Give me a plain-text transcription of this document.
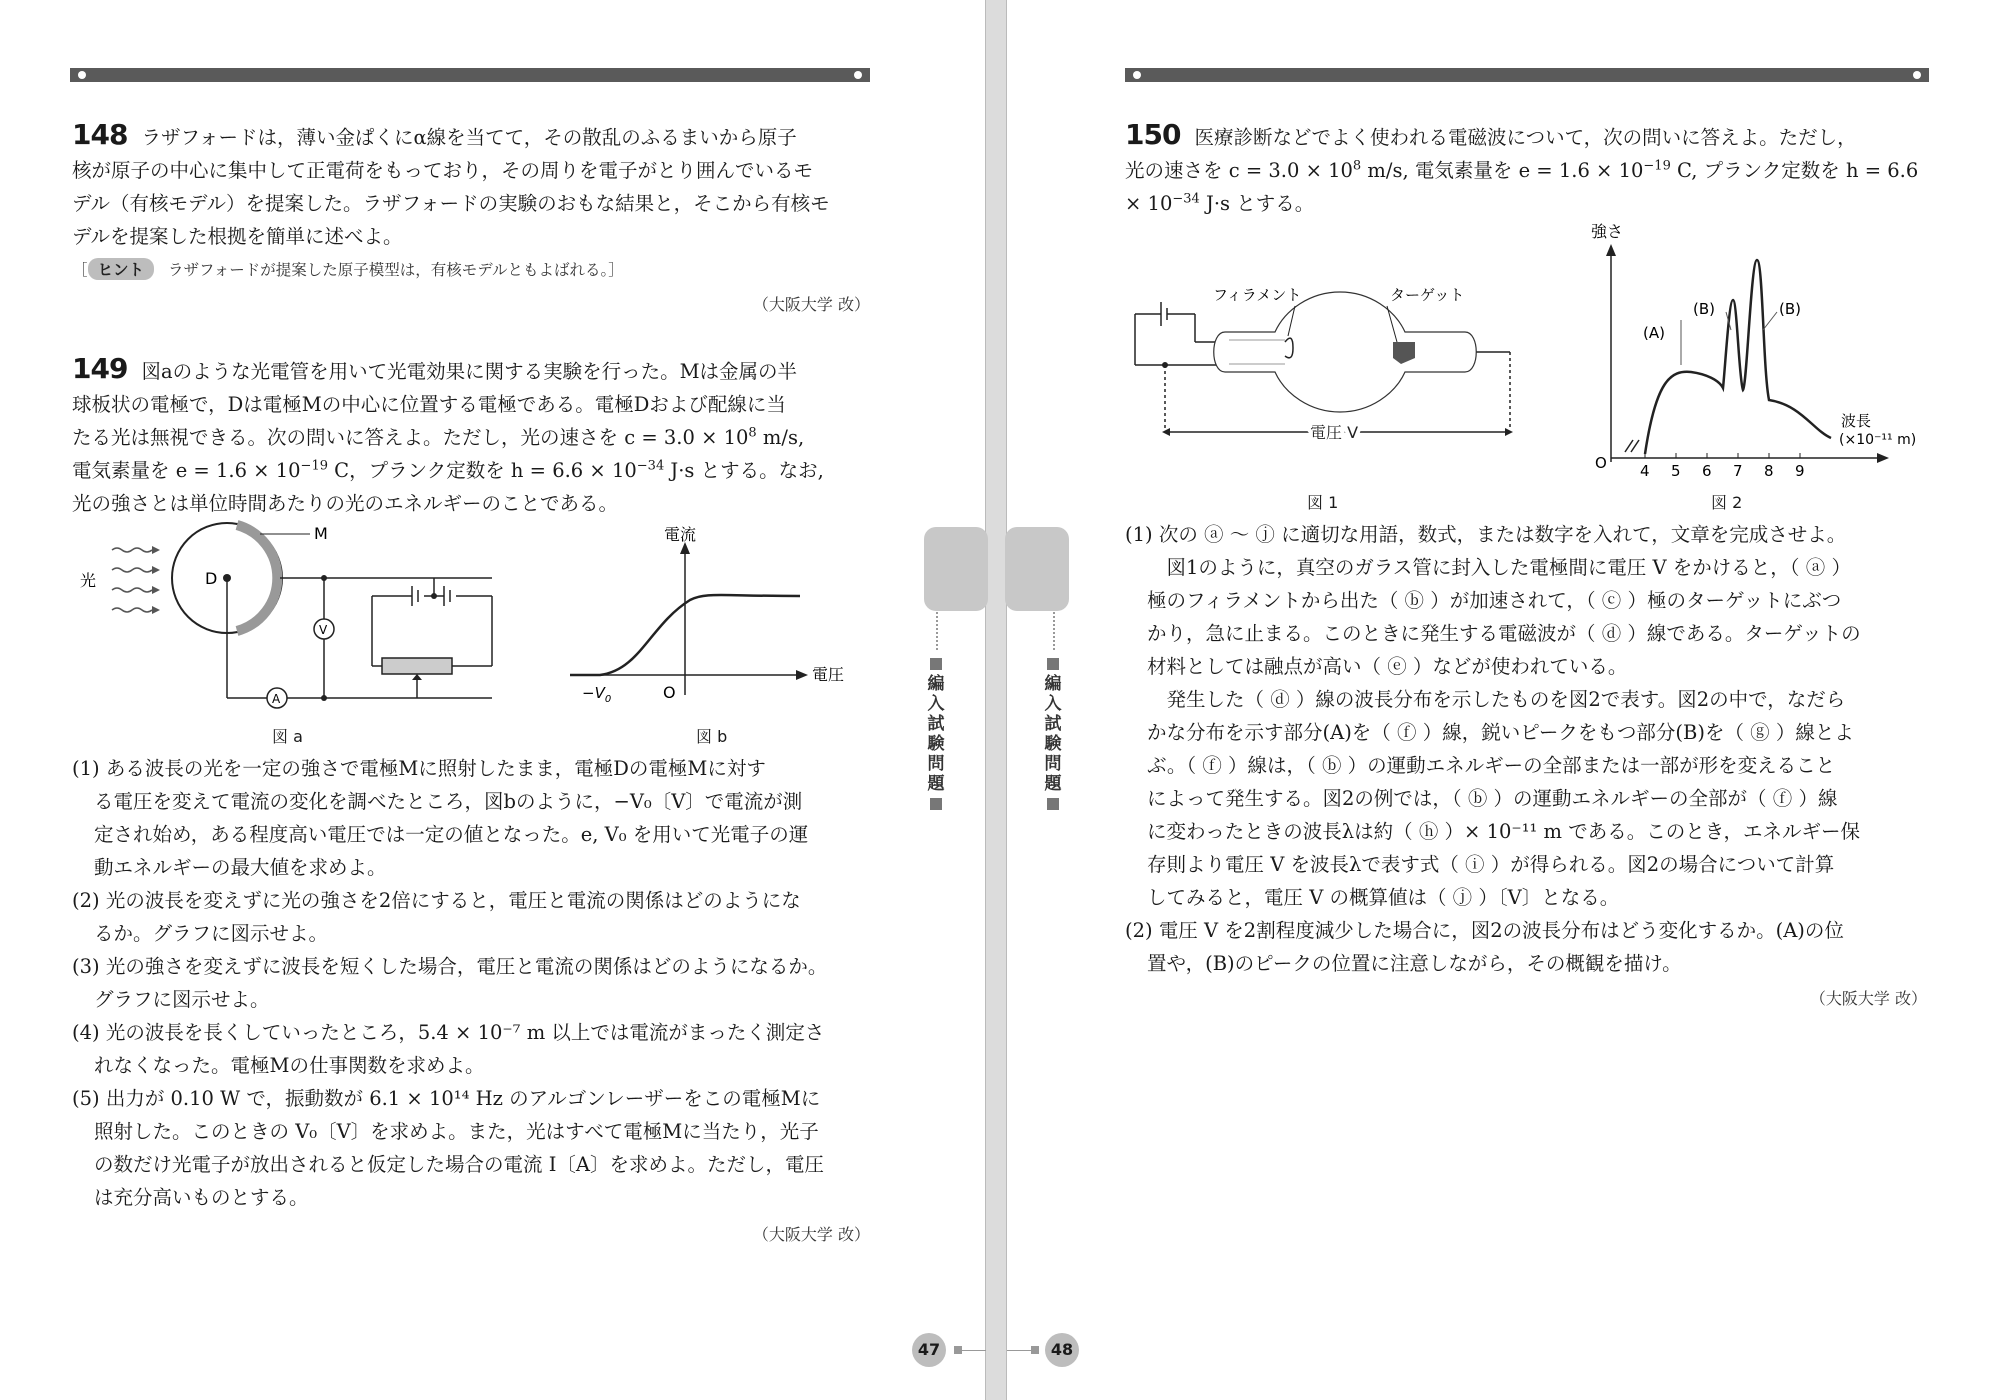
148 ラザフォードは，薄い金ぱくにα線を当てて，その散乱のふるまいから原子

核が原子の中心に集中して正電荷をもっており，その周りを電子がとり囲んでいるモ

デル（有核モデル）を提案した。ラザフォードの実験のおもな結果と，そこから有核モ

デルを提案した根拠を簡単に述べよ。

［ ヒント ラザフォードが提案した原子模型は，有核モデルともよばれる。］
（大阪大学 改）

149 図aのような光電管を用いて光電効果に関する実験を行った。Mは金属の半

球板状の電極で，Dは電極Mの中心に位置する電極である。電極Dおよび配線に当

たる光は無視できる。次の問いに答えよ。ただし，光の速さを $c = 3.0 \times 10^8$ m/s,

電気素量を $e = 1.6 \times 10^{-19}$ C，プランク定数を $h = 6.6 \times 10^{-34}$ J·s とする。なお,

光の強さとは単位時間あたりの光のエネルギーのことである。

光
M
D
V
A
図 a
電流
電圧
O
$-V_0$
図 b

(1) ある波長の光を一定の強さで電極Mに照射したまま，電極Dの電極Mに対す

る電圧を変えて電流の変化を調べたところ，図bのように，−V₀〔V〕で電流が測

定され始め，ある程度高い電圧では一定の値となった。e, V₀ を用いて光電子の運

動エネルギーの最大値を求めよ。

(2) 光の波長を変えずに光の強さを2倍にすると，電圧と電流の関係はどのようにな

るか。グラフに図示せよ。

(3) 光の強さを変えずに波長を短くした場合，電圧と電流の関係はどのようになるか。

グラフに図示せよ。

(4) 光の波長を長くしていったところ，5.4 × 10⁻⁷ m 以上では電流がまったく測定さ

れなくなった。電極Mの仕事関数を求めよ。

(5) 出力が 0.10 W で，振動数が 6.1 × 10¹⁴ Hz のアルゴンレーザーをこの電極Mに

照射した。このときの V₀〔V〕を求めよ。また，光はすべて電極Mに当たり，光子

の数だけ光電子が放出されると仮定した場合の電流 I〔A〕を求めよ。ただし，電圧

は充分高いものとする。

（大阪大学 改）
編
入
試
験
問
題
47

150 医療診断などでよく使われる電磁波について，次の問いに答えよ。ただし，

光の速さを $c = 3.0 \times 10^8$ m/s, 電気素量を $e = 1.6 \times 10^{-19}$ C, プランク定数を h = 6.6

× $10^{-34}$ J·s とする。

フィラメント	ターゲット
電圧 V
図 1
4 5 6 7 8 9
強さ
波長
(×10⁻¹¹ m)
O
(A)
(B)	(B)
図 2

(1) 次の ⓐ ～ ⓙ に適切な用語，数式，または数字を入れて，文章を完成させよ。

　図1のように，真空のガラス管に封入した電極間に電圧 V をかけると，（ ⓐ ）

極のフィラメントから出た（ ⓑ ）が加速されて，（ ⓒ ）極のターゲットにぶつ

かり，急に止まる。このときに発生する電磁波が（ ⓓ ）線である。ターゲットの

材料としては融点が高い（ ⓔ ）などが使われている。

　発生した（ ⓓ ）線の波長分布を示したものを図2で表す。図2の中で，なだら

かな分布を示す部分(A)を（ ⓕ ）線，鋭いピークをもつ部分(B)を（ ⓖ ）線とよ

ぶ。（ ⓕ ）線は，（ ⓑ ）の運動エネルギーの全部または一部が形を変えること

によって発生する。図2の例では，（ ⓑ ）の運動エネルギーの全部が（ ⓕ ）線

に変わったときの波長λは約（ ⓗ ）× 10⁻¹¹ m である。このとき，エネルギー保

存則より電圧 V を波長λで表す式（ ⓘ ）が得られる。図2の場合について計算

してみると，電圧 V の概算値は（ ⓙ ）〔V〕となる。

(2) 電圧 V を2割程度減少した場合に，図2の波長分布はどう変化するか。(A)の位

置や，(B)のピークの位置に注意しながら，その概観を描け。

（大阪大学 改）
編
入
試
験
問
題
48
